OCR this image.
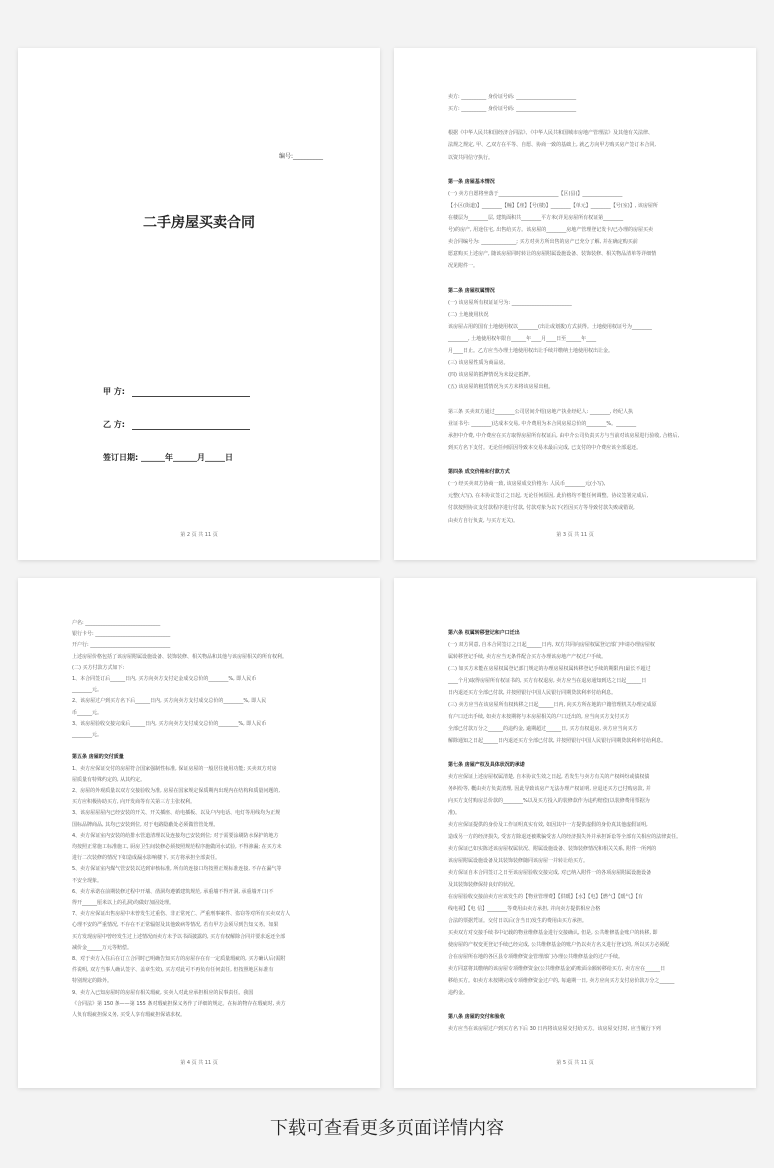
编号:__________
二手房屋买卖合同
甲 方:
乙 方:
签订日期: ______年______月_____日
第 2 页 共 11 页	第 3 页 共 11 页
卖方: __________ 身份证号码: ________________________
买方: __________ 身份证号码: ________________________
根据《中华人民共和国经济合同法》、《中华人民共和国城市房地产管理法》及其他有关法律、
法规之规定, 甲、乙双方在平等、自愿、协商一致的基础上, 就乙方向甲方购买房产签订本合同,
以资共同信守执行。
第一条 房屋基本情况
(一) 卖方自愿将坐落于________________________【区(县)】________________
【小区(街道)】________【幢】【座】【号(楼)】________【单元】________【号(室)】, 该房屋所
在楼层为________层, 建筑面积共________平方米(详见房屋所有权证第________
号)的房产, 用途住宅, 出售给买方。该房屋的________房地产管理登记发卡/已办理的房屋买卖
卖合同编号为: ______________; 买方对卖方所出售的房产已充分了解, 并在确定购买前
愿意购买上述房产, 随该房屋同时转让的房屋附属设施设备、装饰装修、相关物品清单等详细情
况见附件一。
第二条 房屋权属情况
(一) 该房屋所有权证证号为: ________________________
(二) 土地使用状况
该房屋占用的国有土地使用权以________(出让或划拨)方式获得。土地使用权证号为________
________, 土地使用权年限自______年____月____日至______年____
月____日止。乙方应当办理土地使用权出让手续并缴纳土地使用权出让金。
(三) 该房屋性质为商品房。
(四) 该房屋的抵押情况为未设定抵押。
(五) 该房屋的租赁情况为买方未将该房屋出租。
第三条 买卖双方通过________公司居间介绍(房地产执业经纪人: ________, 经纪人执
业证书号: ________)达成本交易, 中介费用为本合同房屋总价的________%。________
承担中介费, 中介费应在买方取得房屋所有权证后, 由中介公司负责买方与当前对该房屋进行验收, 合格后,
到买方名下支付。无论任何原因导致本交易未最后完成, 已支付的中介费应该全部退还。
第四条 成交价格和付款方式
(一) 经买卖双方协商一致, 该房屋成交价格为: 人民币________元(小写),
元整(大写), 在本协议签订之日起, 无论任何原因, 此价格均不能任何调整。协议签署完成后,
付款按照协议支付款程序进行付款, 付款对象为以下(若因买方等导致付款失败或错误,
由卖方自行负责, 与买方无关)。
第 4 页 共 11 页
户名: ______________________________
银行卡号: ______________________________
开户行: ________________________________
上述房屋价格包括了该房屋附属设施设备、装饰装修、相关物品和其他与该房屋相关的所有权利。
(二) 买方付款方式如下:
1、本合同签订后______日内, 买方向卖方支付定金成交总价的________%, 即人民币
________元。
2、该房屋过户到买方名下后______日内, 买方向卖方支付成交总价的________%, 即人民
币______元。
3、该房屋验收交接完成后______日内, 买方向卖方支付成交总价的________%, 即人民币
________元。
第五条 房屋的交付质量
1、卖方应保证交付的房屋符合国家强制性标准, 保证房屋的一般居住使用功能; 买卖双方对房
屋质量有特殊约定的, 从其约定。
2、房屋的外观质量以双方交接验收为准, 房屋在国家规定保质期内出现内在结构和质量问题的,
买方应积极协助买方, 向开发商等有关第三方主张权利。
3、该房屋屋屋内已经安装的开关、开关插座、给电插板、以及户内电话、电灯等用线均为正规
国标品牌商品, 其均已安装到位, 对于电路隐蔽处必须做管管处理。
4、卖方保证室内安装的给排水管道清理以及连接均已安装到位; 对于需要涂刷防水保护的地方
均按照正常施工标准施工, 厨房卫生间装修必须按照规范程序施做闭水试验, 不得渗漏; 在买方未
进行二次装修的情况下如造成漏水影响楼下, 买方将承担全部责任。
5、卖方保证室内煤气管安装以达到审核标准, 所有的连接口均按照正规标准连接, 不存在漏气等
不安全现象。
6、卖方承诺在前期装修过程中开墙、凿洞均遵循建筑规范, 承重墙不得开洞, 承重墙开口(不
得开______厘米以上的孔洞)均做好加固处理。
7、卖方应保证出售房屋中未曾发生过重伤、非正常死亡、严重刑事案件、盗窃等对所有买卖双方人
心理不安的严重情况, 不存在不正常辐射及其他致病等情况, 若有甲方会须尽到告知义务。如果
买方发现房屋中曾经发生过上述情况而卖方未予以书面披露的, 买方有权解除合同并要求返还全部
减价金______万元等赔偿。
8、对于卖方入住后在订立合同时已明确告知买方的房屋存在有一定质量瑕疵的, 买方确认后(需附
件说明, 双方当事人确认签字、盖章生效), 买方对此可不再负有任何责任, 但按照地区标准有
特别规定的除外。
9、卖方入已知房屋时的房屋有相关瑕疵, 实卖人对此应承担相应的民事责任。我国
《合同法》第 150 条——第 155 条对瑕疵担保义务作了详细的规定。在标的物存在瑕疵时, 卖方
人负有瑕疵担保义务, 买受人享有瑕疵担保请求权。
第 5 页 共 11 页
第六条 权属转移登记和户口迁出
(一) 双方同意, 自本合同签订之日起______日内, 双方共同向房屋权属登记部门申请办理房屋权
属转移登记手续, 卖方应当无条件配合买方办理该房地产产权过户手续。
(二) 如买方未能在房屋权属登记部门规定的办理房屋权属转移登记手续的期限内(最长不超过
____个月)取得房屋所有权证书的, 买方有权退房, 卖方应当在退房通知到达之日起______日
日内退还买方全部已付款, 并按照银行中国人民银行同期贷款利率付给利息。
(三) 卖方应当在该房屋所有权转移之日起______日内, 向买方所在地的户籍管理机关办理完成原
有户口迁出手续, 如卖方未按期将与本房屋相关的户口迁出的, 应当向买方支付买方
全部已付款万分之______的违约金, 逾期超过______日, 买方有权退房, 卖方应当向买方
解除通知之日起______日内退还买方全部已付款, 并按照银行中国人民银行同期贷款利率付给利息。
第七条 房屋产权及具体状况的承诺
卖方应保证上述房屋权属清楚, 自本协议生效之日起, 若发生与卖方有关的产权纠纷或债权债
务纠纷等, 概由卖方负责清理, 因此导致该房产无法办理产权证明, 应退还买方已付购房款, 并
向买方支付购房总价款的________%以及买方投入的装修款作为违约赔偿(以装修费用票据为
准)。
卖方应保证提供的身份及工作证明真实有效, 如因其中一方提供虚假的身份真其他虚假证明,
造成另一方的经济损失, 受害方除退还被欺骗受害人的经济损失外并承担诉讼等全部有关相应的法律责任。
卖方保证已如实陈述该房屋权属状况、附属设施设备、装饰装修情况和相关关系, 附件一所列的
该房屋附属设施设备及其装饰装修随同该房屋一并转让给买方。
卖方保证自本合同签订之日至该房屋验收交接完成, 对已纳入附件一的各项房屋附属设施设备
及其装饰装修保持良好的状况。
在房屋验收交接前卖方应该发生的【物业管理费】【供暖】【水】【电】【燃气】【暖气】【有
线电视】【电 信】________等费用由卖方承担, 并向卖方提供相应合格
合法的票据凭证。交付日以后(含当日)发生的费用由买方承担。
买卖双方对交接手续书中记载的物业维修基金进行交接确认, 但是, 公共维修基金账户的转移, 即
使房屋的产权变更登记手续已经完成, 公共维修基金的账户仍以卖方名义进行登记的, 所以买方必须配
合在房屋所在地的各区县专项维修资金管理部门办理公共维修基金的过户手续。
卖方同意将其缴纳的该房屋专项维修资金(公共维修基金)的账面余额转移给买方, 卖方应在______日
移给买方。如卖方未按期完成专项维修资金过户的, 每逾期一日, 卖方应向买方支付房价款万分之______
违约金。
第八条 房屋的交付和验收
卖方应当在该房屋过户到买方名下后 30 日内将该房屋交付给买方。该房屋交付时, 应当履行下列
下载可查看更多页面详情内容
